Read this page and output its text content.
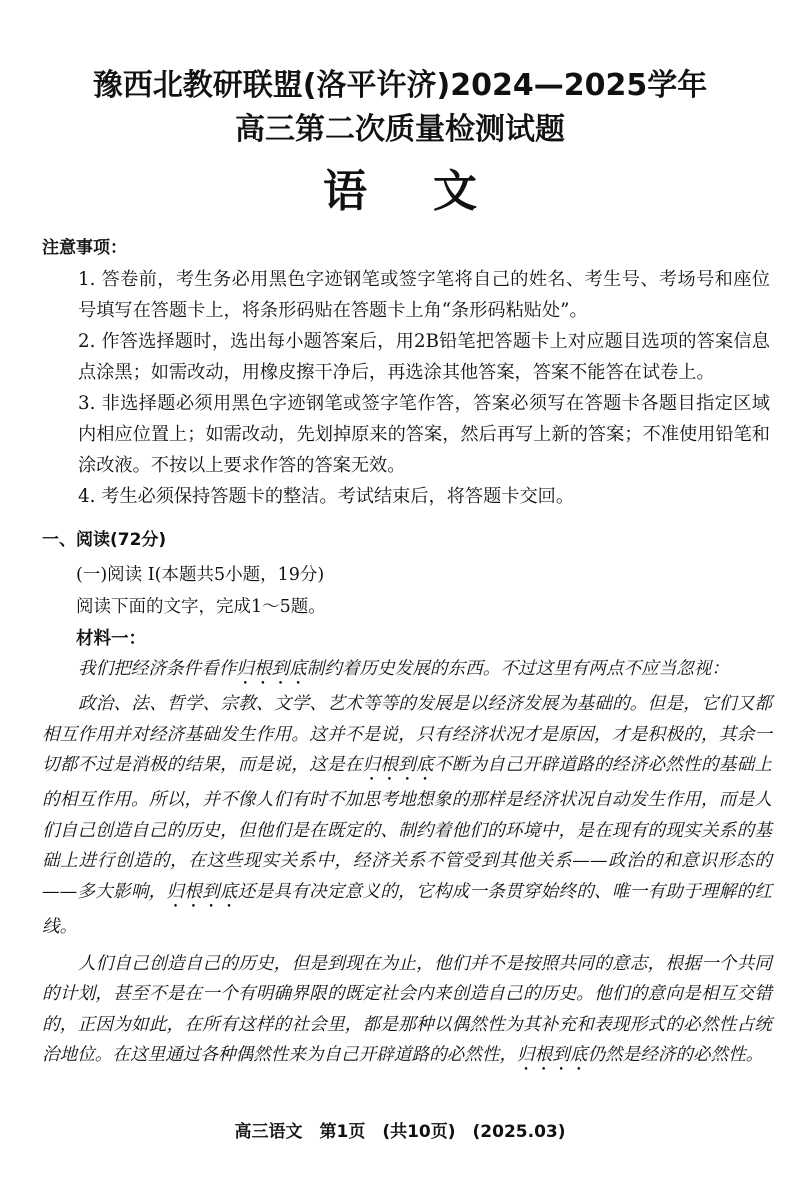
豫西北教研联盟(洛平许济)2024—2025学年
高三第二次质量检测试题
语文
注意事项：
1. 答卷前，考生务必用黑色字迹钢笔或签字笔将自己的姓名、考生号、考场号和座位号填写在答题卡上，将条形码贴在答题卡上角“条形码粘贴处”。
2. 作答选择题时，选出每小题答案后，用2B铅笔把答题卡上对应题目选项的答案信息点涂黑；如需改动，用橡皮擦干净后，再选涂其他答案，答案不能答在试卷上。
3. 非选择题必须用黑色字迹钢笔或签字笔作答，答案必须写在答题卡各题目指定区域内相应位置上；如需改动，先划掉原来的答案，然后再写上新的答案；不准使用铅笔和涂改液。不按以上要求作答的答案无效。
4. 考生必须保持答题卡的整洁。考试结束后，将答题卡交回。
一、阅读(72分)
(一)阅读 I(本题共5小题，19分)
阅读下面的文字，完成1～5题。
材料一：

我们把经济条件看作归根到底制约着历史发展的东西。不过这里有两点不应当忽视：

政治、法、哲学、宗教、文学、艺术等等的发展是以经济发展为基础的。但是，它们又都相互作用并对经济基础发生作用。这并不是说，只有经济状况才是原因，才是积极的，其余一切都不过是消极的结果，而是说，这是在归根到底不断为自己开辟道路的经济必然性的基础上的相互作用。所以，并不像人们有时不加思考地想象的那样是经济状况自动发生作用，而是人们自己创造自己的历史，但他们是在既定的、制约着他们的环境中，是在现有的现实关系的基础上进行创造的，在这些现实关系中，经济关系不管受到其他关系——政治的和意识形态的——多大影响，归根到底还是具有决定意义的，它构成一条贯穿始终的、唯一有助于理解的红线。

人们自己创造自己的历史，但是到现在为止，他们并不是按照共同的意志，根据一个共同的计划，甚至不是在一个有明确界限的既定社会内来创造自己的历史。他们的意向是相互交错的，正因为如此，在所有这样的社会里，都是那种以偶然性为其补充和表现形式的必然性占统治地位。在这里通过各种偶然性来为自己开辟道路的必然性，归根到底仍然是经济的必然性。

高三语文　第1页　(共10页)　(2025.03)
